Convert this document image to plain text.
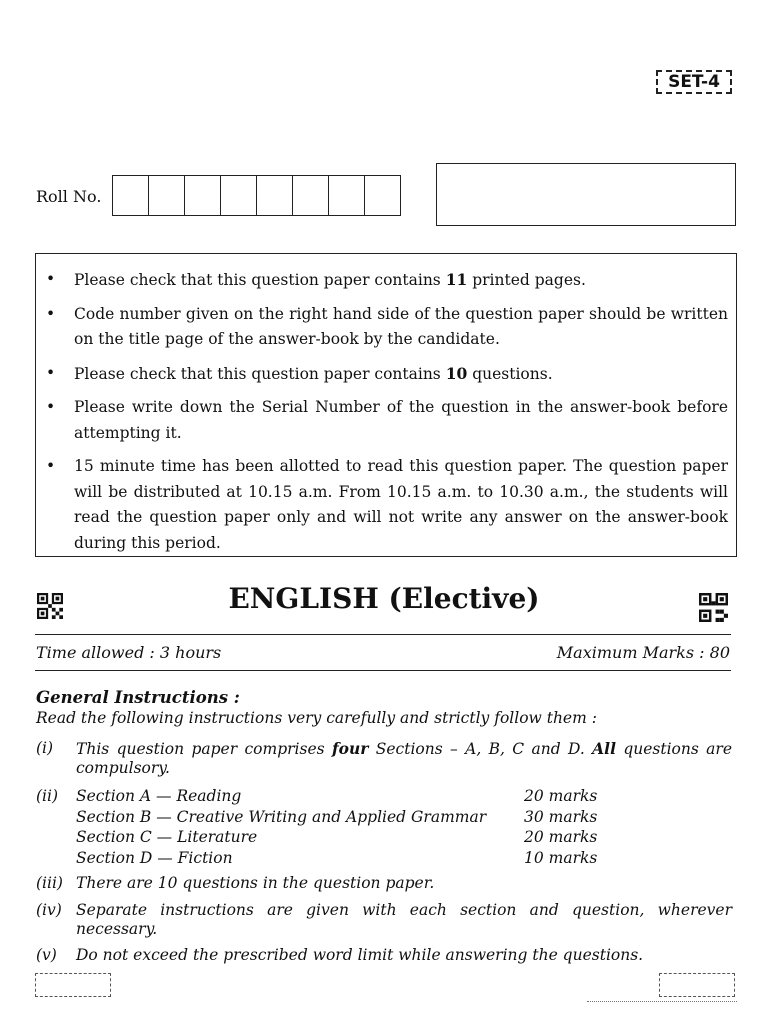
SET-4
Roll No.
• Please check that this question paper contains 11 printed pages.
• Code number given on the right hand side of the question paper should be written on the title page of the answer-book by the candidate.
• Please check that this question paper contains 10 questions.
• Please write down the Serial Number of the question in the answer-book before attempting it.
• 15 minute time has been allotted to read this question paper. The question paper will be distributed at 10.15 a.m. From 10.15 a.m. to 10.30 a.m., the students will read the question paper only and will not write any answer on the answer-book during this period.
ENGLISH (Elective)
Time allowed : 3 hours	Maximum Marks : 80
General Instructions :
Read the following instructions very carefully and strictly follow them :
(i) This question paper comprises four Sections – A, B, C and D. All questions are compulsory.
(ii) Section A — Reading	20 marks
Section B — Creative Writing and Applied Grammar	30 marks
Section C — Literature	20 marks
Section D — Fiction	10 marks
(iii) There are 10 questions in the question paper.
(iv) Separate instructions are given with each section and question, wherever necessary.
(v) Do not exceed the prescribed word limit while answering the questions.
